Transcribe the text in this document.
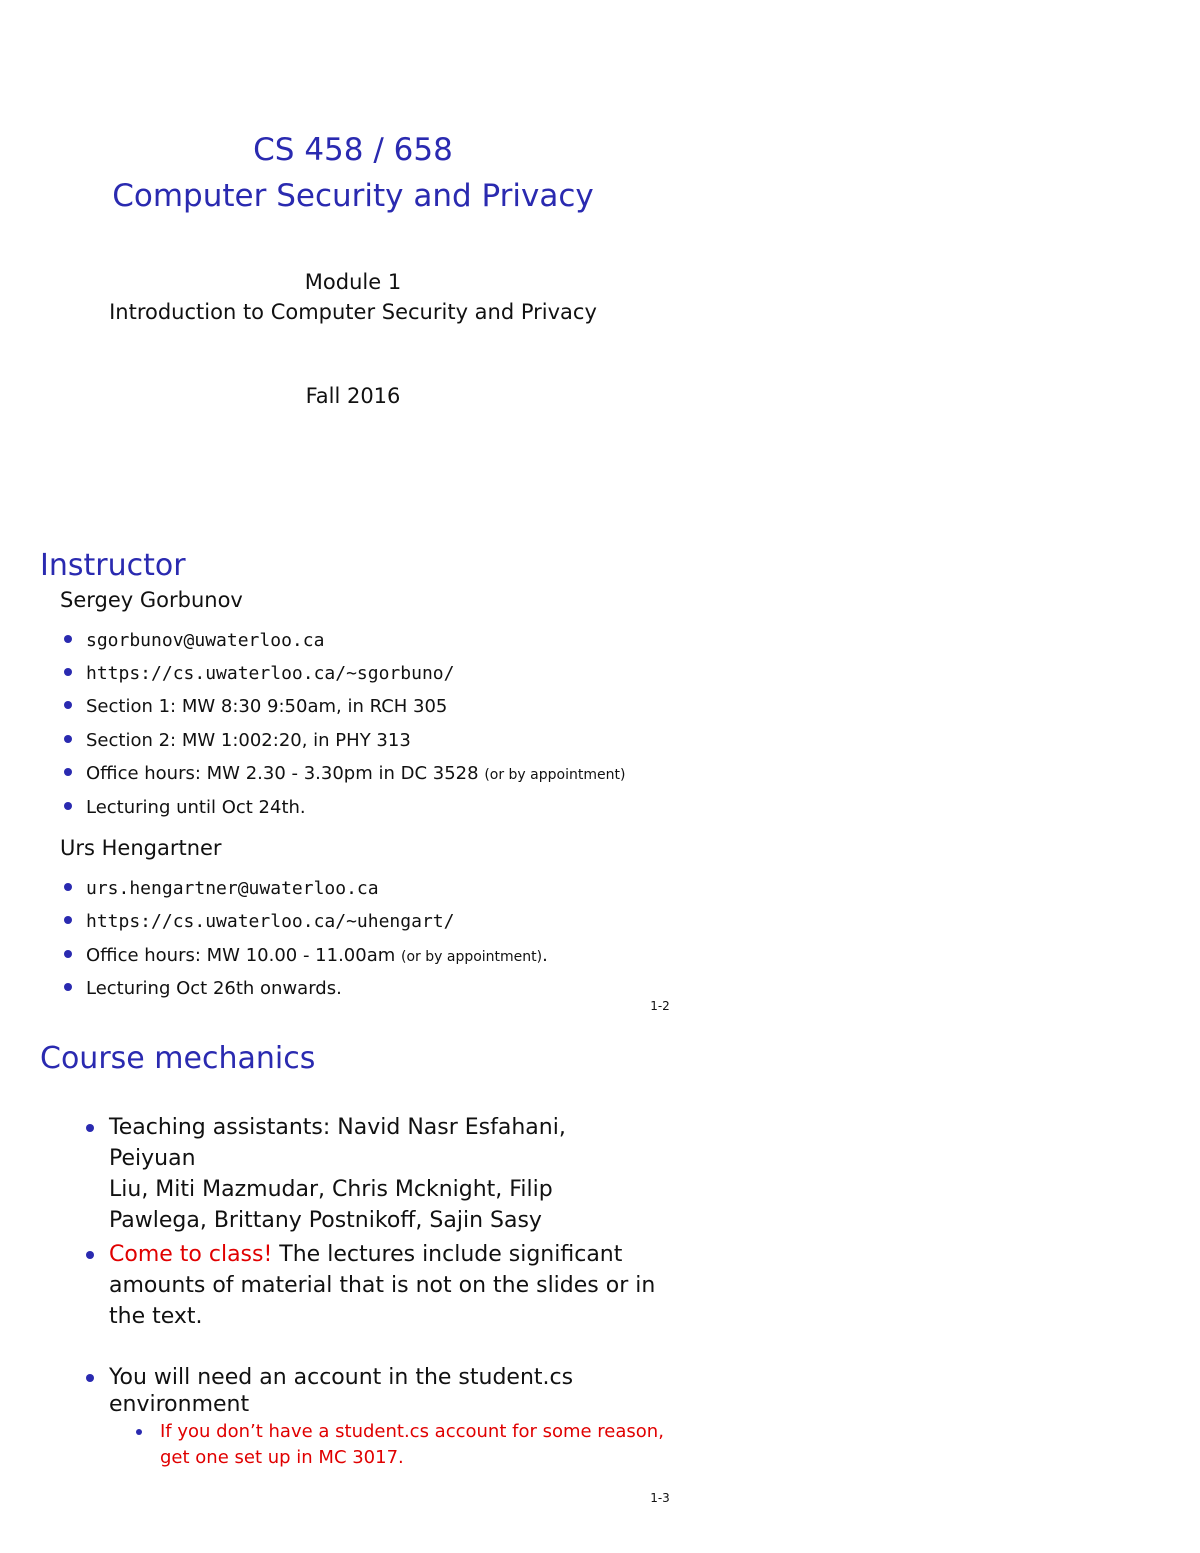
CS 458 / 658
Computer Security and Privacy
Module 1
Introduction to Computer Security and Privacy
Fall 2016
Instructor
Sergey Gorbunov
sgorbunov@uwaterloo.ca
https://cs.uwaterloo.ca/~sgorbuno/
Section 1: MW 8:30 9:50am, in RCH 305
Section 2: MW 1:002:20, in PHY 313
Office hours: MW 2.30 - 3.30pm in DC 3528 (or by appointment)
Lecturing until Oct 24th.
Urs Hengartner
urs.hengartner@uwaterloo.ca
https://cs.uwaterloo.ca/~uhengart/
Office hours: MW 10.00 - 11.00am (or by appointment).
Lecturing Oct 26th onwards.
1-2
Course mechanics
Teaching assistants: Navid Nasr Esfahani, Peiyuan
Liu, Miti Mazmudar, Chris Mcknight, Filip
Pawlega, Brittany Postnikoff, Sajin Sasy
Come to class! The lectures include significant
amounts of material that is not on the slides or in
the text.
You will need an account in the student.cs
environment
If you don’t have a student.cs account for some reason,
get one set up in MC 3017.
1-3
